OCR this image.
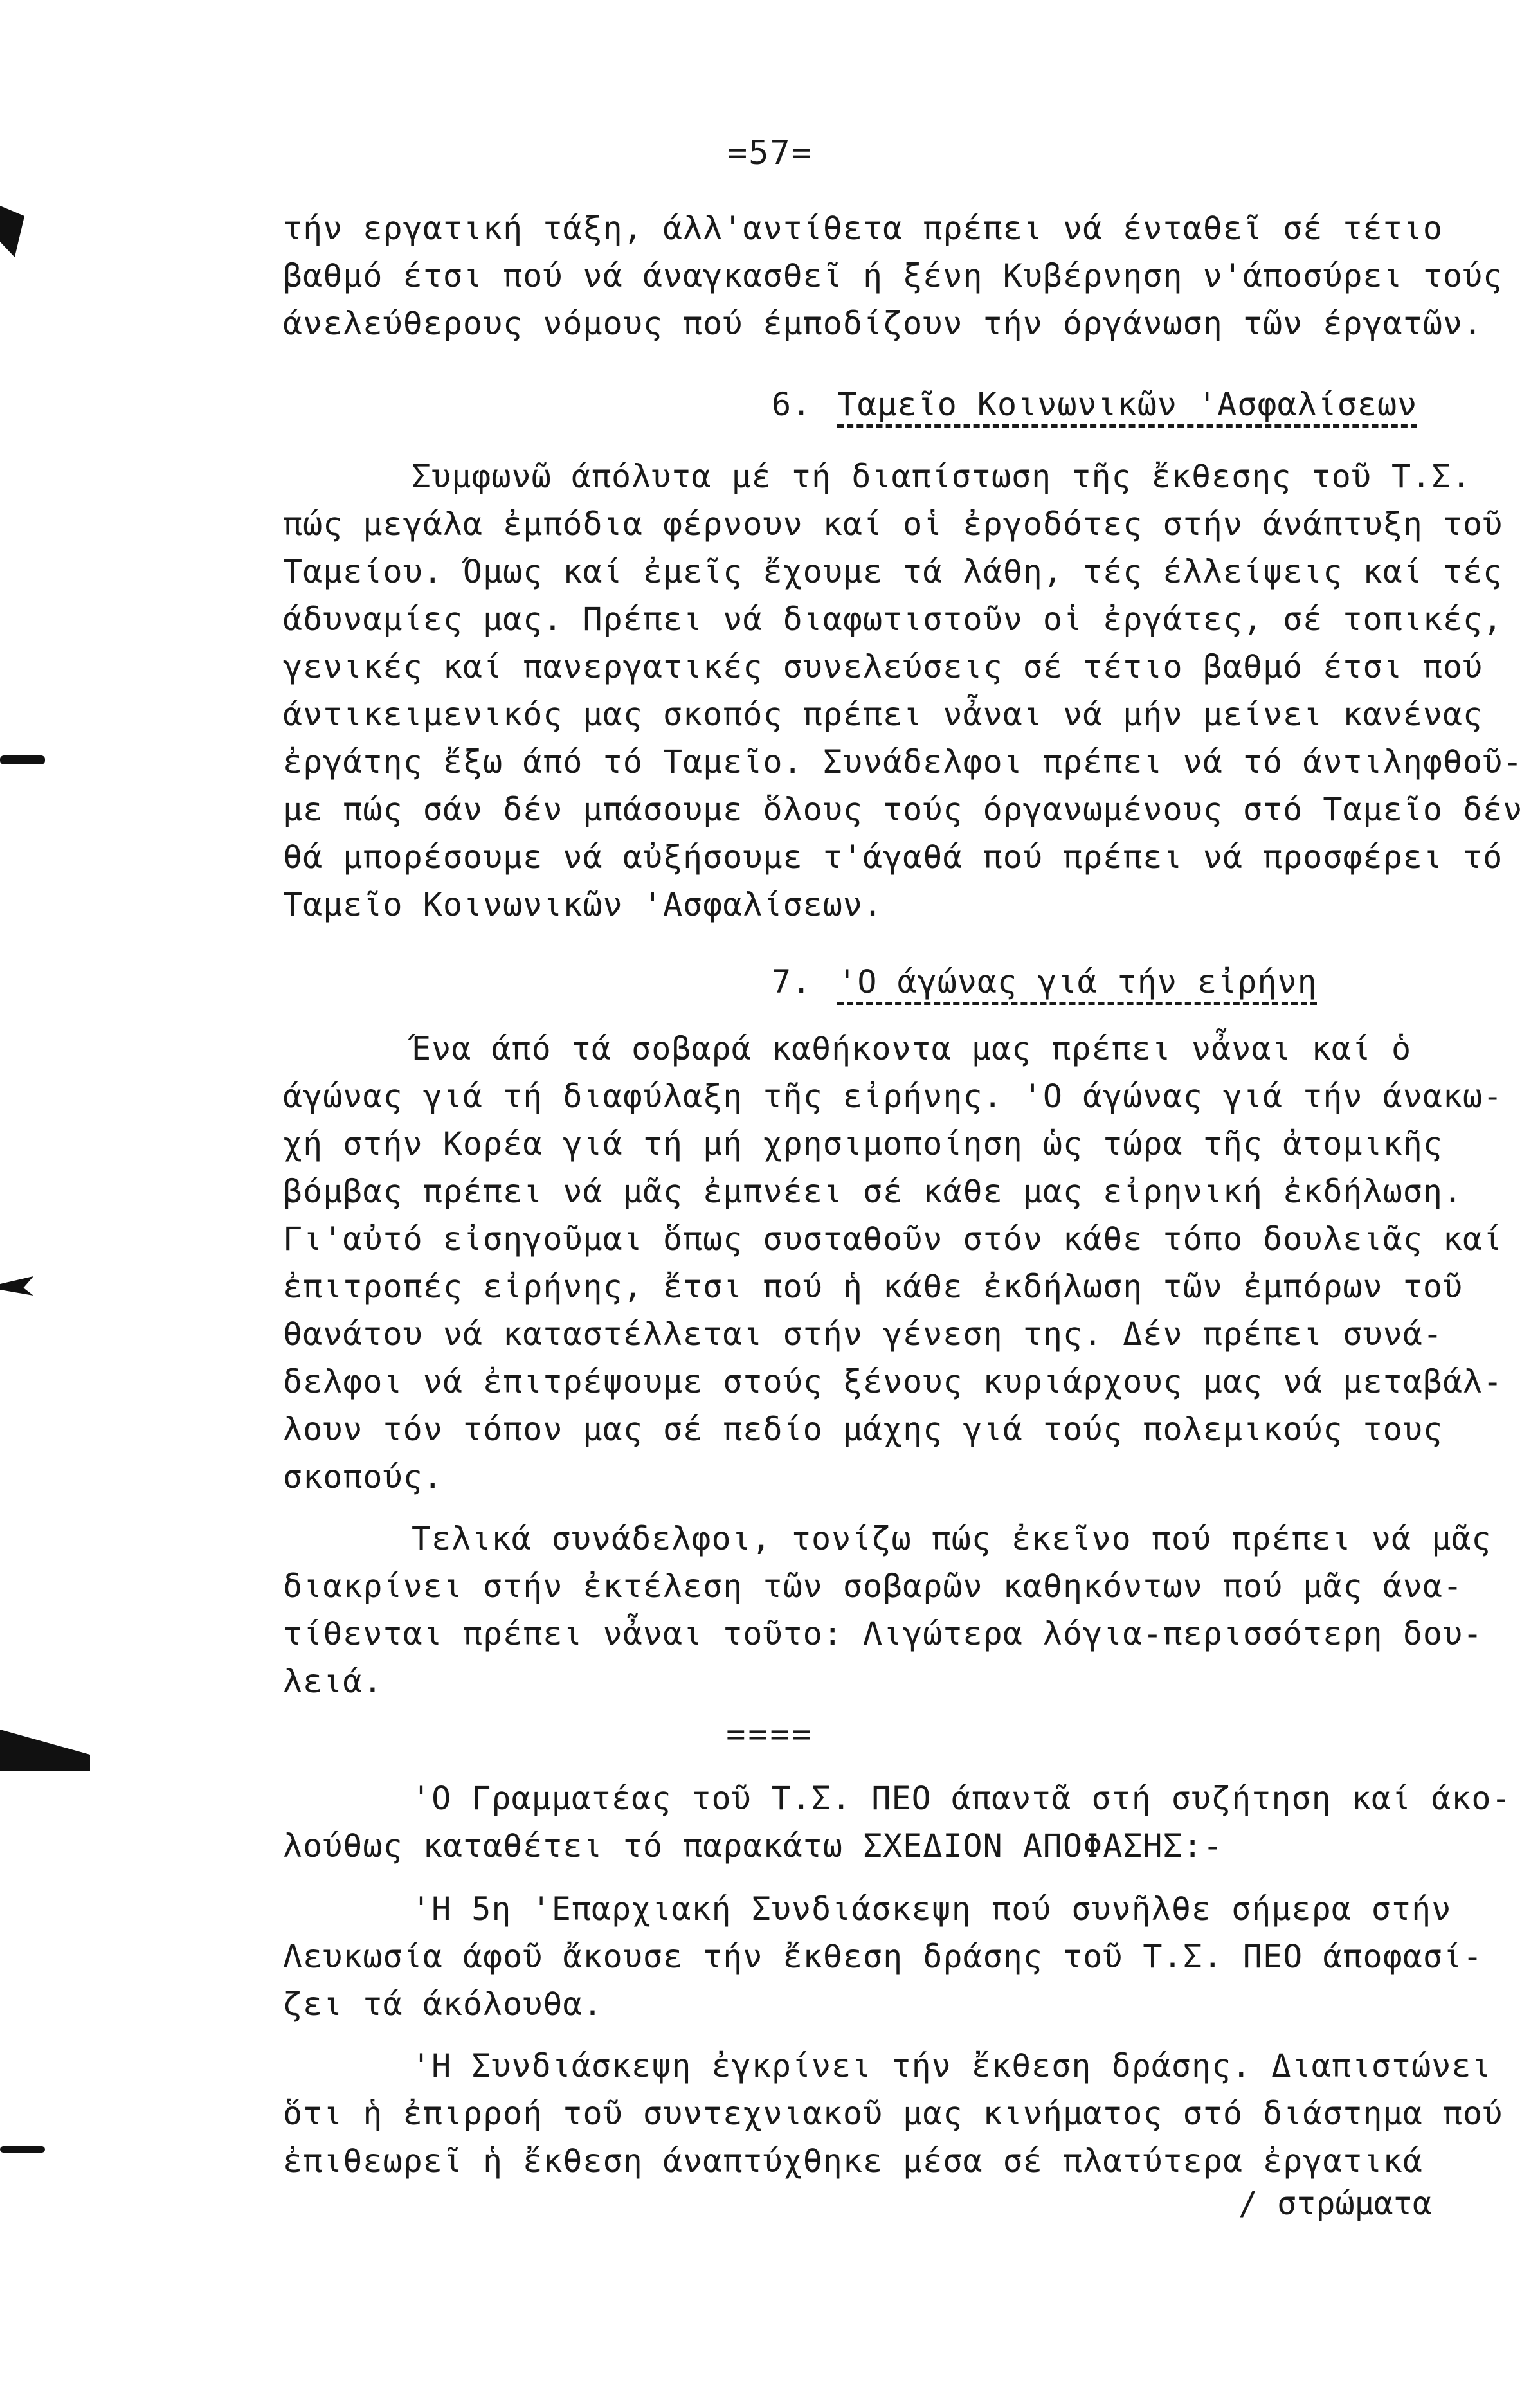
=57=
τήν εργατική τάξη, άλλ'αντίθετα πρέπει νά ένταθεῖ σέ τέτιο
βαθμό έτσι πού νά άναγκασθεῖ ή ξένη Κυβέρνηση ν'άποσύρει τούς
άνελεύθερους νόμους πού έμποδίζουν τήν όργάνωση τῶν έργατῶν.
6. Ταμεῖο Κοινωνικῶν 'Ασφαλίσεων
Συμφωνῶ άπόλυτα μέ τή διαπίστωση τῆς ἔκθεσης τοῦ Τ.Σ.
πώς μεγάλα ἐμπόδια φέρνουν καί οἱ ἐργοδότες στήν άνάπτυξη τοῦ
Ταμείου. Όμως καί ἐμεῖς ἔχουμε τά λάθη, τές έλλείψεις καί τές
άδυναμίες μας. Πρέπει νά διαφωτιστοῦν οἱ ἐργάτες, σέ τοπικές,
γενικές καί πανεργατικές συνελεύσεις σέ τέτιο βαθμό έτσι πού
άντικειμενικός μας σκοπός πρέπει νἆναι νά μήν μείνει κανένας
ἐργάτης ἔξω άπό τό Ταμεῖο. Συνάδελφοι πρέπει νά τό άντιληφθοῦ-
με πώς σάν δέν μπάσουμε ὅλους τούς όργανωμένους στό Ταμεῖο δέν
θά μπορέσουμε νά αὐξήσουμε τ'άγαθά πού πρέπει νά προσφέρει τό
Ταμεῖο Κοινωνικῶν 'Ασφαλίσεων.
7. 'Ο άγώνας γιά τήν εἰρήνη
Ένα άπό τά σοβαρά καθήκοντα μας πρέπει νἆναι καί ὁ
άγώνας γιά τή διαφύλαξη τῆς εἰρήνης. 'Ο άγώνας γιά τήν άνακω-
χή στήν Κορέα γιά τή μή χρησιμοποίηση ὡς τώρα τῆς ἀτομικῆς
βόμβας πρέπει νά μᾶς ἐμπνέει σέ κάθε μας εἰρηνική ἐκδήλωση.
Γι'αὐτό εἰσηγοῦμαι ὅπως συσταθοῦν στόν κάθε τόπο δουλειᾶς καί
ἐπιτροπές εἰρήνης, ἔτσι πού ἡ κάθε ἐκδήλωση τῶν ἐμπόρων τοῦ
θανάτου νά καταστέλλεται στήν γένεση της. Δέν πρέπει συνά-
δελφοι νά ἐπιτρέψουμε στούς ξένους κυριάρχους μας νά μεταβάλ-
λουν τόν τόπον μας σέ πεδίο μάχης γιά τούς πολεμικούς τους
σκοπούς.
Τελικά συνάδελφοι, τονίζω πώς ἐκεῖνο πού πρέπει νά μᾶς
διακρίνει στήν ἐκτέλεση τῶν σοβαρῶν καθηκόντων πού μᾶς άνα-
τίθενται πρέπει νἆναι τοῦτο: Λιγώτερα λόγια-περισσότερη δου-
λειά.
====
'Ο Γραμματέας τοῦ Τ.Σ. ΠΕΟ άπαντᾶ στή συζήτηση καί άκο-
λούθως καταθέτει τό παρακάτω ΣΧΕΔΙΟΝ ΑΠΟΦΑΣΗΣ:-
'Η 5η 'Επαρχιακή Συνδιάσκεψη πού συνῆλθε σήμερα στήν
Λευκωσία άφοῦ ἄκουσε τήν ἔκθεση δράσης τοῦ Τ.Σ. ΠΕΟ άποφασί-
ζει τά άκόλουθα.
'Η Συνδιάσκεψη ἐγκρίνει τήν ἔκθεση δράσης. Διαπιστώνει
ὅτι ἡ ἐπιρροή τοῦ συντεχνιακοῦ μας κινήματος στό διάστημα πού
ἐπιθεωρεῖ ἡ ἔκθεση άναπτύχθηκε μέσα σέ πλατύτερα ἐργατικά
/ στρώματα
